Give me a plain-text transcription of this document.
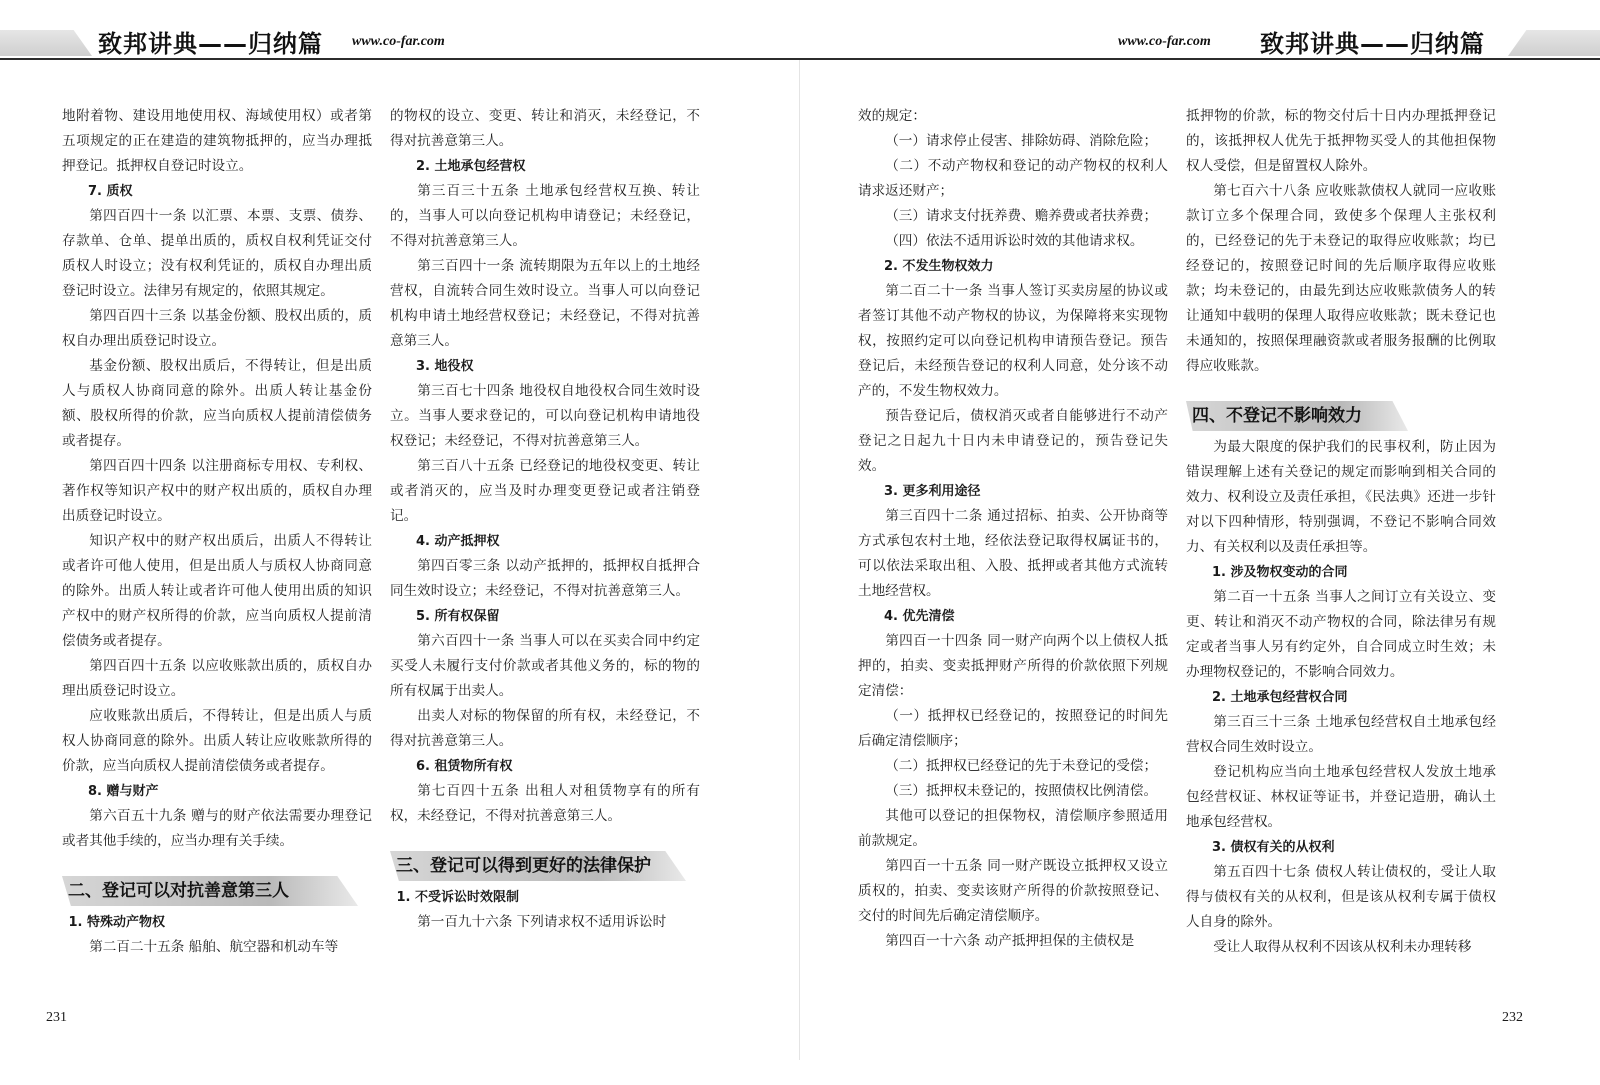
致邦讲典——归纳篇 www.co-far.com

地附着物、建设用地使用权、海域使用权）或者第五项规定的正在建造的建筑物抵押的，应当办理抵押登记。抵押权自登记时设立。

7. 质权

第四百四十一条 以汇票、本票、支票、债券、存款单、仓单、提单出质的，质权自权利凭证交付质权人时设立；没有权利凭证的，质权自办理出质登记时设立。法律另有规定的，依照其规定。

第四百四十三条 以基金份额、股权出质的，质权自办理出质登记时设立。

基金份额、股权出质后，不得转让，但是出质人与质权人协商同意的除外。出质人转让基金份额、股权所得的价款，应当向质权人提前清偿债务或者提存。

第四百四十四条 以注册商标专用权、专利权、著作权等知识产权中的财产权出质的，质权自办理出质登记时设立。

知识产权中的财产权出质后，出质人不得转让或者许可他人使用，但是出质人与质权人协商同意的除外。出质人转让或者许可他人使用出质的知识产权中的财产权所得的价款，应当向质权人提前清偿债务或者提存。

第四百四十五条 以应收账款出质的，质权自办理出质登记时设立。

应收账款出质后，不得转让，但是出质人与质权人协商同意的除外。出质人转让应收账款所得的价款，应当向质权人提前清偿债务或者提存。

8. 赠与财产

第六百五十九条 赠与的财产依法需要办理登记或者其他手续的，应当办理有关手续。

二、登记可以对抗善意第三人

1. 特殊动产物权

第二百二十五条 船舶、航空器和机动车等

的物权的设立、变更、转让和消灭，未经登记，不得对抗善意第三人。

2. 土地承包经营权

第三百三十五条 土地承包经营权互换、转让的，当事人可以向登记机构申请登记；未经登记，不得对抗善意第三人。

第三百四十一条 流转期限为五年以上的土地经营权，自流转合同生效时设立。当事人可以向登记机构申请土地经营权登记；未经登记，不得对抗善意第三人。

3. 地役权

第三百七十四条 地役权自地役权合同生效时设立。当事人要求登记的，可以向登记机构申请地役权登记；未经登记，不得对抗善意第三人。

第三百八十五条 已经登记的地役权变更、转让或者消灭的，应当及时办理变更登记或者注销登记。

4. 动产抵押权

第四百零三条 以动产抵押的，抵押权自抵押合同生效时设立；未经登记，不得对抗善意第三人。

5. 所有权保留

第六百四十一条 当事人可以在买卖合同中约定买受人未履行支付价款或者其他义务的，标的物的所有权属于出卖人。

出卖人对标的物保留的所有权，未经登记，不得对抗善意第三人。

6. 租赁物所有权

第七百四十五条 出租人对租赁物享有的所有权，未经登记，不得对抗善意第三人。

三、登记可以得到更好的法律保护

1. 不受诉讼时效限制

第一百九十六条 下列请求权不适用诉讼时

231
www.co-far.com 致邦讲典——归纳篇

效的规定：

（一）请求停止侵害、排除妨碍、消除危险；

（二）不动产物权和登记的动产物权的权利人请求返还财产；

（三）请求支付抚养费、赡养费或者扶养费；

（四）依法不适用诉讼时效的其他请求权。

2. 不发生物权效力

第二百二十一条 当事人签订买卖房屋的协议或者签订其他不动产物权的协议，为保障将来实现物权，按照约定可以向登记机构申请预告登记。预告登记后，未经预告登记的权利人同意，处分该不动产的，不发生物权效力。

预告登记后，债权消灭或者自能够进行不动产登记之日起九十日内未申请登记的，预告登记失效。

3. 更多利用途径

第三百四十二条 通过招标、拍卖、公开协商等方式承包农村土地，经依法登记取得权属证书的，可以依法采取出租、入股、抵押或者其他方式流转土地经营权。

4. 优先清偿

第四百一十四条 同一财产向两个以上债权人抵押的，拍卖、变卖抵押财产所得的价款依照下列规定清偿：

（一）抵押权已经登记的，按照登记的时间先后确定清偿顺序；

（二）抵押权已经登记的先于未登记的受偿；

（三）抵押权未登记的，按照债权比例清偿。

其他可以登记的担保物权，清偿顺序参照适用前款规定。

第四百一十五条 同一财产既设立抵押权又设立质权的，拍卖、变卖该财产所得的价款按照登记、交付的时间先后确定清偿顺序。

第四百一十六条 动产抵押担保的主债权是

抵押物的价款，标的物交付后十日内办理抵押登记的，该抵押权人优先于抵押物买受人的其他担保物权人受偿，但是留置权人除外。

第七百六十八条 应收账款债权人就同一应收账款订立多个保理合同，致使多个保理人主张权利的，已经登记的先于未登记的取得应收账款；均已经登记的，按照登记时间的先后顺序取得应收账款；均未登记的，由最先到达应收账款债务人的转让通知中载明的保理人取得应收账款；既未登记也未通知的，按照保理融资款或者服务报酬的比例取得应收账款。

四、不登记不影响效力

为最大限度的保护我们的民事权利，防止因为错误理解上述有关登记的规定而影响到相关合同的效力、权利设立及责任承担，《民法典》还进一步针对以下四种情形，特别强调，不登记不影响合同效力、有关权利以及责任承担等。

1. 涉及物权变动的合同

第二百一十五条 当事人之间订立有关设立、变更、转让和消灭不动产物权的合同，除法律另有规定或者当事人另有约定外，自合同成立时生效；未办理物权登记的，不影响合同效力。

2. 土地承包经营权合同

第三百三十三条 土地承包经营权自土地承包经营权合同生效时设立。

登记机构应当向土地承包经营权人发放土地承包经营权证、林权证等证书，并登记造册，确认土地承包经营权。

3. 债权有关的从权利

第五百四十七条 债权人转让债权的，受让人取得与债权有关的从权利，但是该从权利专属于债权人自身的除外。

受让人取得从权利不因该从权利未办理转移

232
